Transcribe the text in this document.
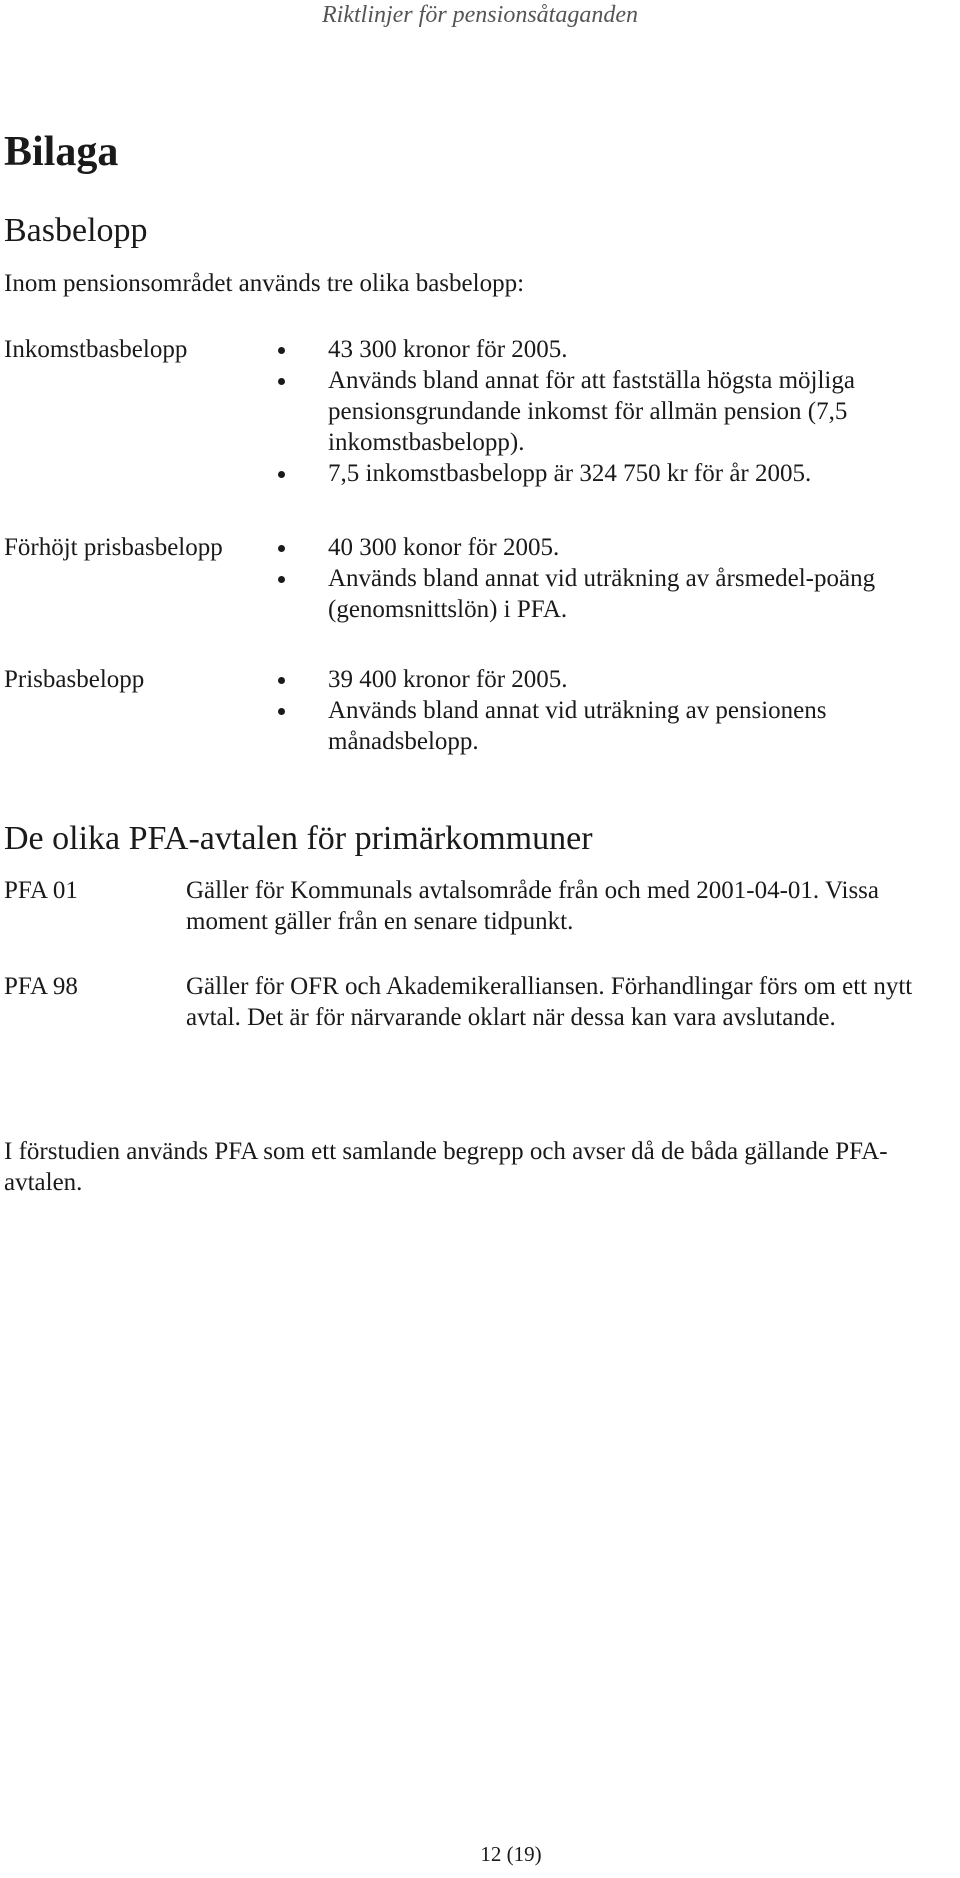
Riktlinjer för pensionsåtaganden
Bilaga
Basbelopp

Inom pensionsområdet används tre olika basbelopp:

Inkomstbasbelopp	43 300 kronor för 2005.
Används bland annat för att fastställa högsta möjliga pensionsgrundande inkomst för allmän pension (7,5 inkomstbasbelopp).
7,5 inkomstbasbelopp är 324 750 kr för år 2005.
Förhöjt prisbasbelopp	40 300 konor för 2005.
Används bland annat vid uträkning av årsmedel-poäng (genomsnittslön) i PFA.
Prisbasbelopp	39 400 kronor för 2005.
Används bland annat vid uträkning av pensionens månadsbelopp.
De olika PFA-avtalen för primärkommuner
PFA 01	Gäller för Kommunals avtalsområde från och med 2001-04-01. Vissa moment gäller från en senare tidpunkt.

PFA 98	Gäller för OFR och Akademikeralliansen. Förhandlingar förs om ett nytt avtal. Det är för närvarande oklart när dessa kan vara avslutande.

I förstudien används PFA som ett samlande begrepp och avser då de båda gällande PFA-avtalen.

12 (19)
